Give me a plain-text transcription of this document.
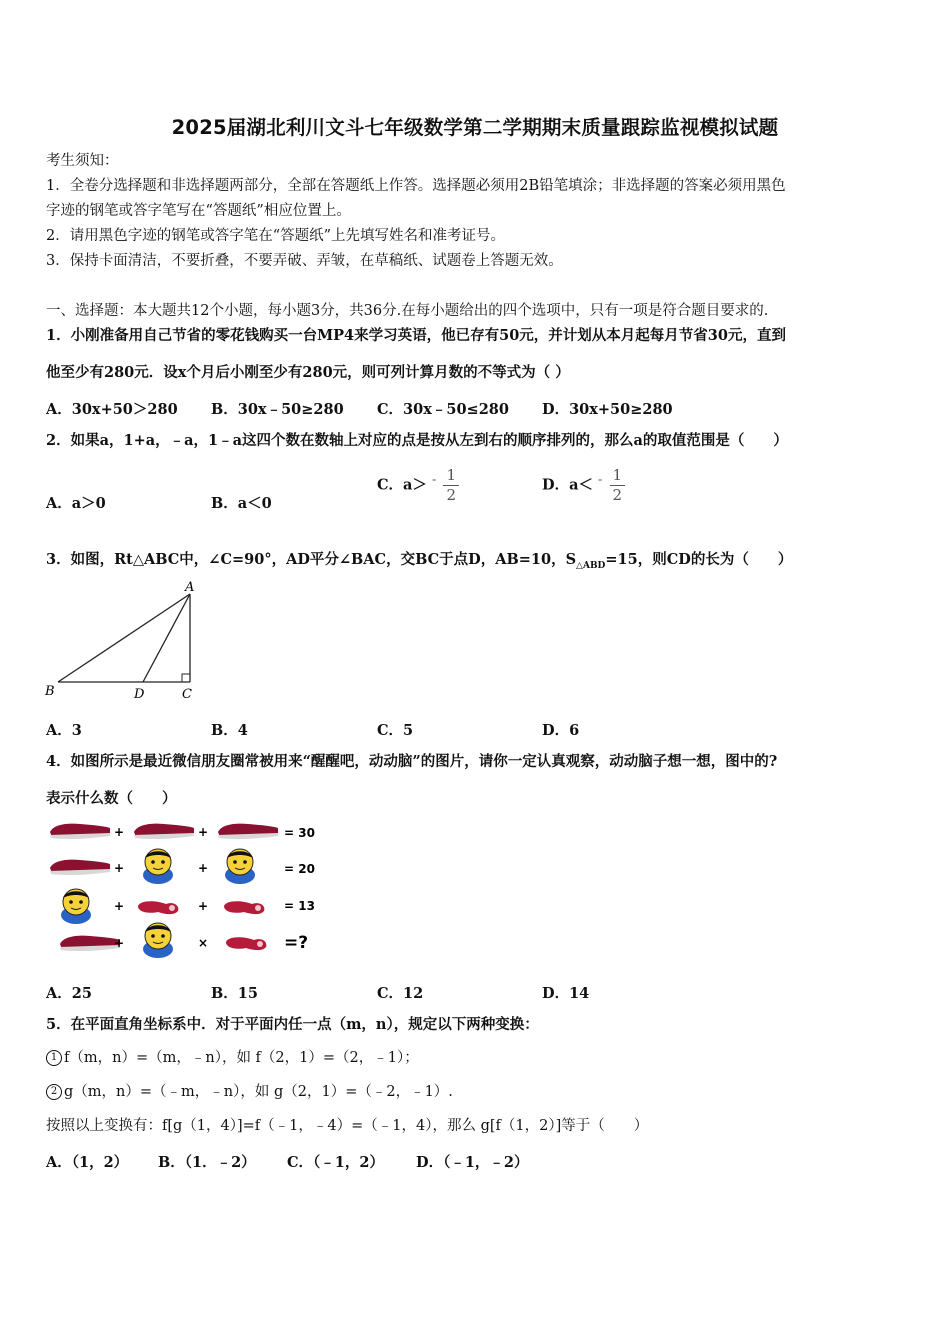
2025届湖北利川文斗七年级数学第二学期期末质量跟踪监视模拟试题
考生须知：
1．全卷分选择题和非选择题两部分，全部在答题纸上作答。选择题必须用2B铅笔填涂；非选择题的答案必须用黑色
字迹的钢笔或答字笔写在“答题纸”相应位置上。
2．请用黑色字迹的钢笔或答字笔在“答题纸”上先填写姓名和准考证号。
3．保持卡面清洁，不要折叠，不要弄破、弄皱，在草稿纸、试题卷上答题无效。
一、选择题：本大题共12个小题，每小题3分，共36分.在每小题给出的四个选项中，只有一项是符合题目要求的.
1．小刚准备用自己节省的零花钱购买一台MP4来学习英语，他已存有50元，并计划从本月起每月节省30元，直到
他至少有280元．设x个月后小刚至少有280元，则可列计算月数的不等式为（ ）
A．30x+50＞280 B．30x﹣50≥280 C．30x﹣50≤280 D．30x+50≥280
2．如果a，1+a，﹣a，1﹣a这四个数在数轴上对应的点是按从左到右的顺序排列的，那么a的取值范围是（　　）
A．a＞0	B．a＜0
C．$a> - \frac{1}{2}$	D．$a< - \frac{1}{2}$
3．如图，Rt△ABC中，∠C=90°，AD平分∠BAC，交BC于点D，AB=10，$S_{\triangle ABD}=15$，则CD的长为（　　）
A
B	D	C
A．3	B．4	C．5	D．6
4．如图所示是最近微信朋友圈常被用来“醒醒吧，动动脑”的图片，请你一定认真观察，动动脑子想一想，图中的?
表示什么数（　　）
+	+	= 30
+	+	= 20
+	+	= 13
+	×	=?
A．25	B．15	C．12	D．14
5．在平面直角坐标系中．对于平面内任一点（m，n），规定以下两种变换：
1 f（m，n）=（m，﹣n），如 f（2，1）=（2，﹣1）；
2 g（m，n）=（﹣m，﹣n），如 g（2，1）=（﹣2，﹣1）.
按照以上变换有：f[g（1，4）]=f（﹣1，﹣4）=（﹣1，4），那么 g[f（1，2）]等于（　　）
A．（1，2） B．（1．﹣2） C．（﹣1，2） D．（﹣1，﹣2）
